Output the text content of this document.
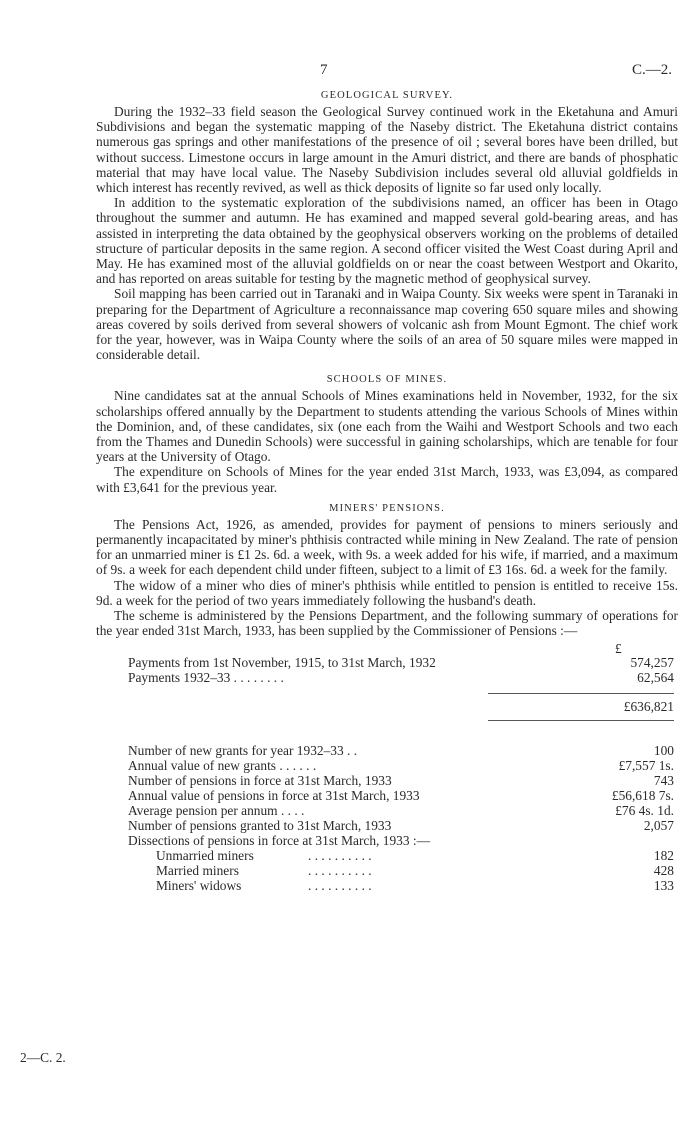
7	C.—2.
GEOLOGICAL SURVEY.

During the 1932–33 field season the Geological Survey continued work in the Eketahuna and Amuri Subdivisions and began the systematic mapping of the Naseby district. The Eketahuna district contains numerous gas springs and other manifestations of the presence of oil ; several bores have been drilled, but without success. Limestone occurs in large amount in the Amuri district, and there are bands of phosphatic material that may have local value. The Naseby Subdivision includes several old alluvial goldfields in which interest has recently revived, as well as thick deposits of lignite so far used only locally.

In addition to the systematic exploration of the subdivisions named, an officer has been in Otago throughout the summer and autumn. He has examined and mapped several gold-bearing areas, and has assisted in interpreting the data obtained by the geophysical observers working on the problems of detailed structure of particular deposits in the same region. A second officer visited the West Coast during April and May. He has examined most of the alluvial goldfields on or near the coast between Westport and Okarito, and has reported on areas suitable for testing by the magnetic method of geophysical survey.

Soil mapping has been carried out in Taranaki and in Waipa County. Six weeks were spent in Taranaki in preparing for the Department of Agriculture a reconnaissance map covering 650 square miles and showing areas covered by soils derived from several showers of volcanic ash from Mount Egmont. The chief work for the year, however, was in Waipa County where the soils of an area of 50 square miles were mapped in considerable detail.

SCHOOLS OF MINES.

Nine candidates sat at the annual Schools of Mines examinations held in November, 1932, for the six scholarships offered annually by the Department to students attending the various Schools of Mines within the Dominion, and, of these candidates, six (one each from the Waihi and Westport Schools and two each from the Thames and Dunedin Schools) were successful in gaining scholarships, which are tenable for four years at the University of Otago.

The expenditure on Schools of Mines for the year ended 31st March, 1933, was £3,094, as compared with £3,641 for the previous year.

MINERS' PENSIONS.

The Pensions Act, 1926, as amended, provides for payment of pensions to miners seriously and permanently incapacitated by miner's phthisis contracted while mining in New Zealand. The rate of pension for an unmarried miner is £1 2s. 6d. a week, with 9s. a week added for his wife, if married, and a maximum of 9s. a week for each dependent child under fifteen, subject to a limit of £3 16s. 6d. a week for the family.

The widow of a miner who dies of miner's phthisis while entitled to pension is entitled to receive 15s. 9d. a week for the period of two years immediately following the husband's death.

The scheme is administered by the Pensions Department, and the following summary of operations for the year ended 31st March, 1933, has been supplied by the Commissioner of Pensions :—

£
Payments from 1st November, 1915, to 31st March, 1932	574,257
Payments 1932–33 . . . . . . . .	62,564
£636,821
Number of new grants for year 1932–33 . .	100
Annual value of new grants . . . . . .	£7,557 1s.
Number of pensions in force at 31st March, 1933	743
Annual value of pensions in force at 31st March, 1933	£56,618 7s.
Average pension per annum . . . .	£76 4s. 1d.
Number of pensions granted to 31st March, 1933	2,057
Dissections of pensions in force at 31st March, 1933 :—
Unmarried miners	. . . . . . . . . .	182
Married miners	. . . . . . . . . .	428
Miners' widows	. . . . . . . . . .	133
2—C. 2.
